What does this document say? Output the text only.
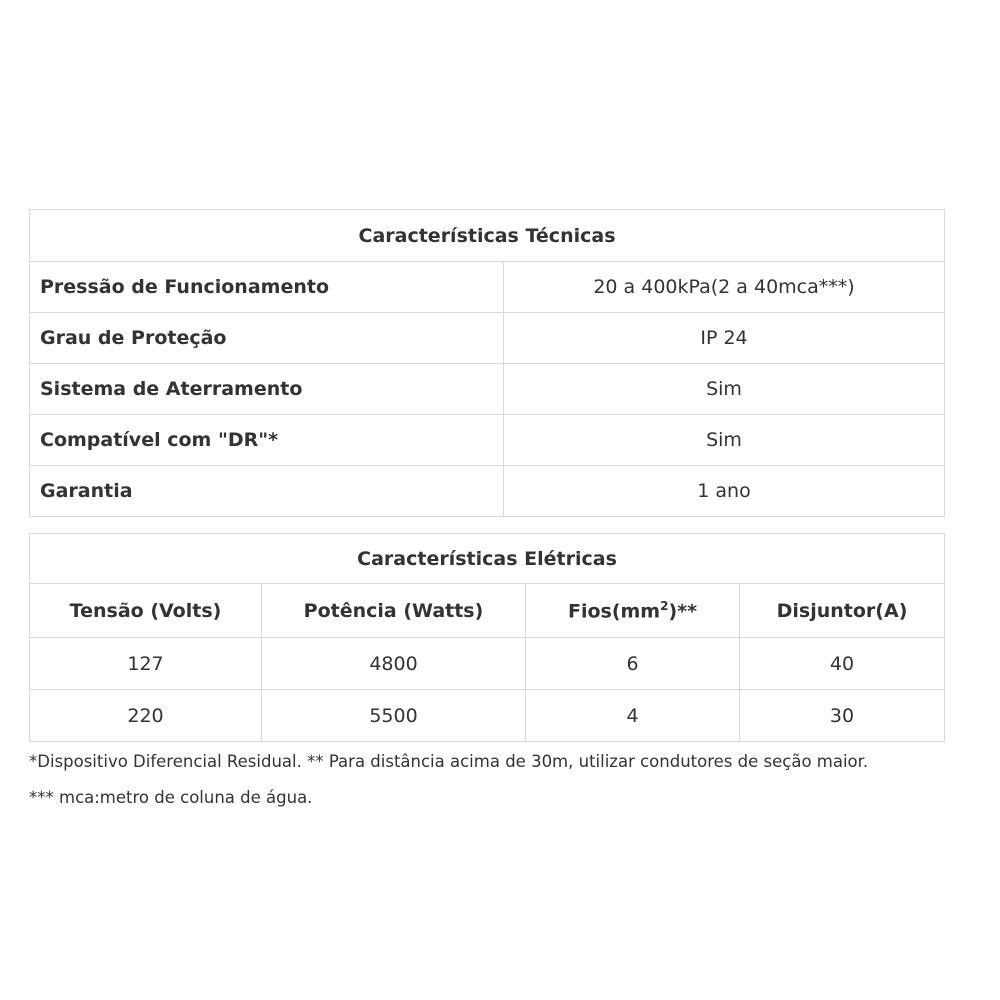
Características Técnicas	
Pressão de Funcionamento	20 a 400kPa(2 a 40mca***)
Grau de Proteção	IP 24
Sistema de Aterramento	Sim
Compatível com "DR"*	Sim
Garantia	1 ano
Características Elétricas			
Tensão (Volts)	Potência (Watts)	$Fios(mm^2)**$	Disjuntor(A)
127	4800	6	40
220	5500	4	30
*Dispositivo Diferencial Residual. ** Para distância acima de 30m, utilizar condutores de seção maior.
*** mca:metro de coluna de água.
